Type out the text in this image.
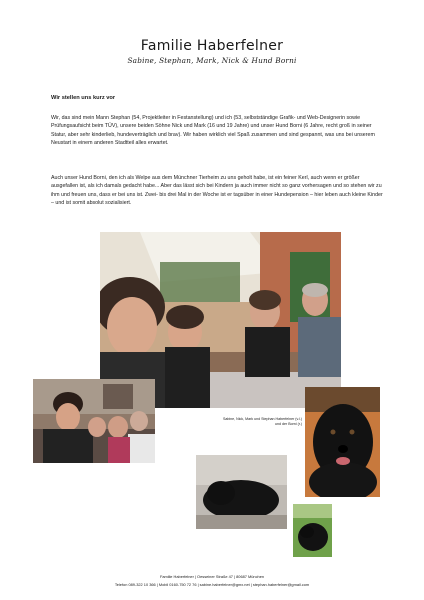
Familie Haberfelner
Sabine, Stephan, Mark, Nick & Hund Borni
Wir stellen uns kurz vor

Wir, das sind mein Mann Stephan (54, Projektleiter in Festanstellung) und ich (53, selbstständige Grafik- und Web-Designerin sowie Prüfungsaufsicht beim TÜV), unsere beiden Söhne Nick und Mark (16 und 19 Jahre) und unser Hund Borni (6 Jahre, recht groß in seiner Statur, aber sehr kinderlieb, hundeverträglich und brav). Wir haben wirklich viel Spaß zusammen und sind gespannt, was uns bei unserem Neustart in einem anderen Stadtteil alles erwartet.

Auch unser Hund Borni, den ich als Welpe aus dem Münchner Tierheim zu uns geholt habe, ist ein feiner Kerl, auch wenn er größer ausgefallen ist, als ich damals gedacht habe... Aber das lässt sich bei Kindern ja auch immer nicht so ganz vorhersagen und so stehen wir zu ihm und freuen uns, dass er bei uns ist. Zwei- bis drei Mal in der Woche ist er tagsüber in einer Hundepension – hier leben auch kleine Kinder – und ist somit absolut sozialisiert.

Sabine, Nick, Mark und Stephan Haberfelner (v.l.)
und der Borni (r.)
Familie Haberfelner | Oesseiner Straße 47 | 80687 München
Telefon 089-322 10 366 | Mobil 0160-750 72 76 | sabine.haberfelner@gmx.net | stephan.haberfelner@gmail.com
